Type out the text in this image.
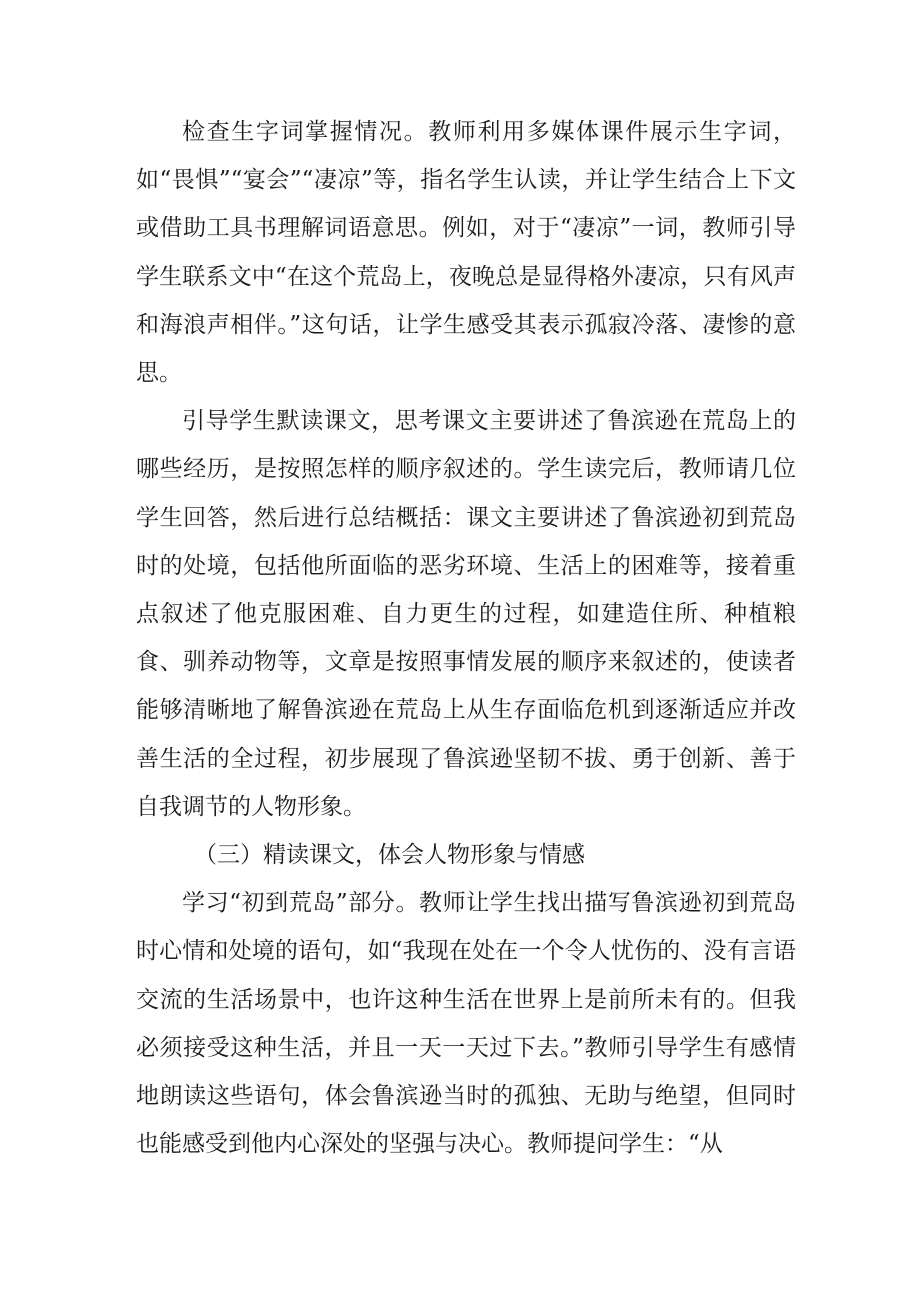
检查生字词掌握情况。教师利用多媒体课件展示生字词，如“畏惧”“宴会”“凄凉”等，指名学生认读，并让学生结合上下文或借助工具书理解词语意思。例如，对于“凄凉”一词，教师引导学生联系文中“在这个荒岛上，夜晚总是显得格外凄凉，只有风声和海浪声相伴。”这句话，让学生感受其表示孤寂冷落、凄惨的意思。

引导学生默读课文，思考课文主要讲述了鲁滨逊在荒岛上的哪些经历，是按照怎样的顺序叙述的。学生读完后，教师请几位学生回答，然后进行总结概括：课文主要讲述了鲁滨逊初到荒岛时的处境，包括他所面临的恶劣环境、生活上的困难等，接着重点叙述了他克服困难、自力更生的过程，如建造住所、种植粮食、驯养动物等，文章是按照事情发展的顺序来叙述的，使读者能够清晰地了解鲁滨逊在荒岛上从生存面临危机到逐渐适应并改善生活的全过程，初步展现了鲁滨逊坚韧不拔、勇于创新、善于自我调节的人物形象。

（三）精读课文，体会人物形象与情感

学习“初到荒岛”部分。教师让学生找出描写鲁滨逊初到荒岛时心情和处境的语句，如“我现在处在一个令人忧伤的、没有言语交流的生活场景中，也许这种生活在世界上是前所未有的。但我必须接受这种生活，并且一天一天过下去。”教师引导学生有感情地朗读这些语句，体会鲁滨逊当时的孤独、无助与绝望，但同时也能感受到他内心深处的坚强与决心。教师提问学生：“从
